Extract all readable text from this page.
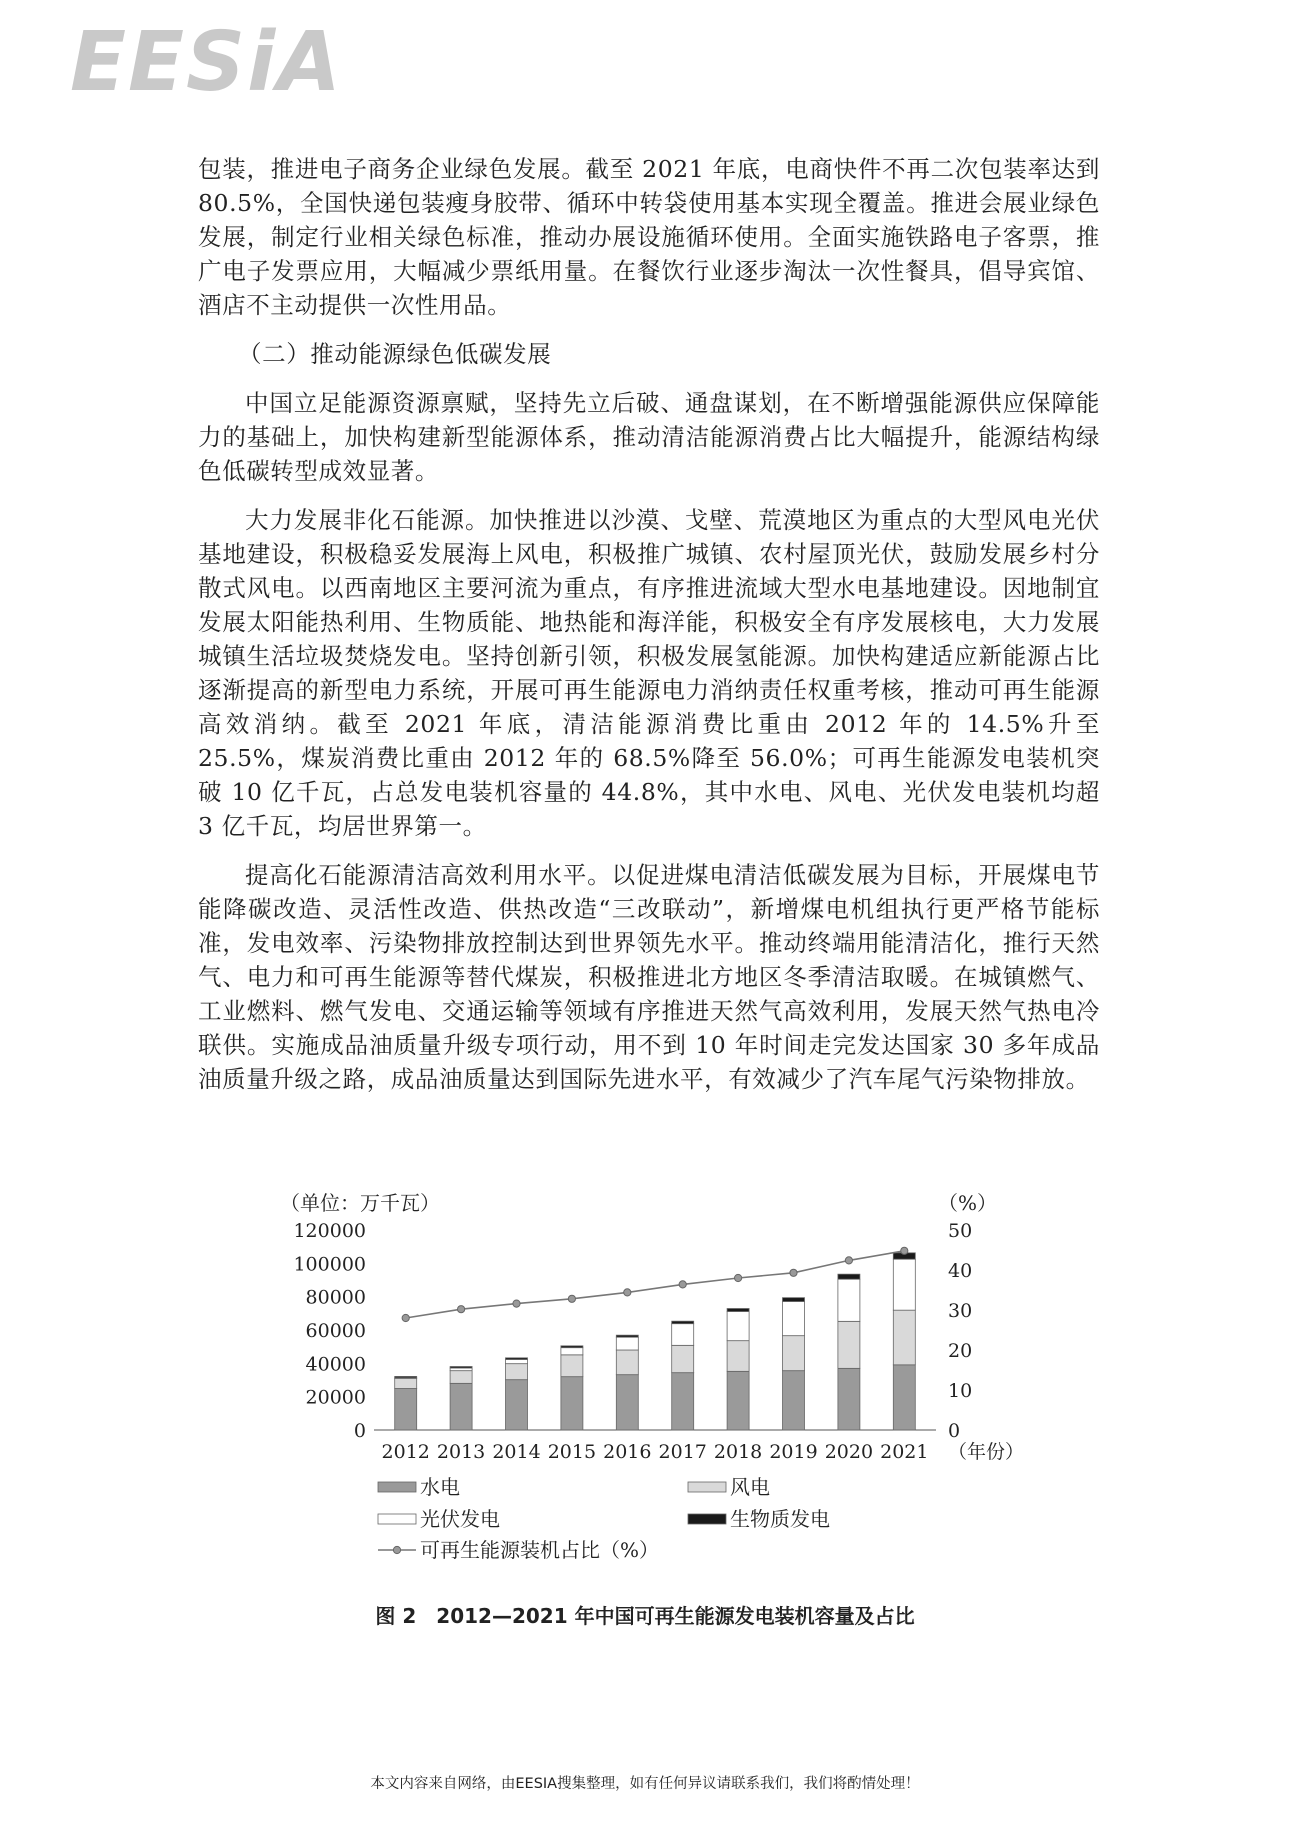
EESiA

包装，推进电子商务企业绿色发展。截至 2021 年底，电商快件不再二次包装率达到 80.5%，全国快递包装瘦身胶带、循环中转袋使用基本实现全覆盖。推进会展业绿色发展，制定行业相关绿色标准，推动办展设施循环使用。全面实施铁路电子客票，推广电子发票应用，大幅减少票纸用量。在餐饮行业逐步淘汰一次性餐具，倡导宾馆、酒店不主动提供一次性用品。

（二）推动能源绿色低碳发展

中国立足能源资源禀赋，坚持先立后破、通盘谋划，在不断增强能源供应保障能力的基础上，加快构建新型能源体系，推动清洁能源消费占比大幅提升，能源结构绿色低碳转型成效显著。

大力发展非化石能源。加快推进以沙漠、戈壁、荒漠地区为重点的大型风电光伏基地建设，积极稳妥发展海上风电，积极推广城镇、农村屋顶光伏，鼓励发展乡村分散式风电。以西南地区主要河流为重点，有序推进流域大型水电基地建设。因地制宜发展太阳能热利用、生物质能、地热能和海洋能，积极安全有序发展核电，大力发展城镇生活垃圾焚烧发电。坚持创新引领，积极发展氢能源。加快构建适应新能源占比逐渐提高的新型电力系统，开展可再生能源电力消纳责任权重考核，推动可再生能源高效消纳。截至 2021 年底，清洁能源消费比重由 2012 年的 14.5%升至 25.5%，煤炭消费比重由 2012 年的 68.5%降至 56.0%；可再生能源发电装机突破 10 亿千瓦，占总发电装机容量的 44.8%，其中水电、风电、光伏发电装机均超 3 亿千瓦，均居世界第一。

提高化石能源清洁高效利用水平。以促进煤电清洁低碳发展为目标，开展煤电节能降碳改造、灵活性改造、供热改造“三改联动”，新增煤电机组执行更严格节能标准，发电效率、污染物排放控制达到世界领先水平。推动终端用能清洁化，推行天然气、电力和可再生能源等替代煤炭，积极推进北方地区冬季清洁取暖。在城镇燃气、工业燃料、燃气发电、交通运输等领域有序推进天然气高效利用，发展天然气热电冷联供。实施成品油质量升级专项行动，用不到 10 年时间走完发达国家 30 多年成品油质量升级之路，成品油质量达到国际先进水平，有效减少了汽车尾气污染物排放。

（单位：万千瓦）	（%）
0
20000
40000
60000
80000
100000
120000
0
10
20
30
40
50
2012 2013 2014 2015 2016 2017 2018 2019 2020 2021 （年份）
水电	风电
光伏发电	生物质发电
可再生能源装机占比（%）
图 2　2012—2021 年中国可再生能源发电装机容量及占比
本文内容来自网络，由EESIA搜集整理，如有任何异议请联系我们，我们将酌情处理！
